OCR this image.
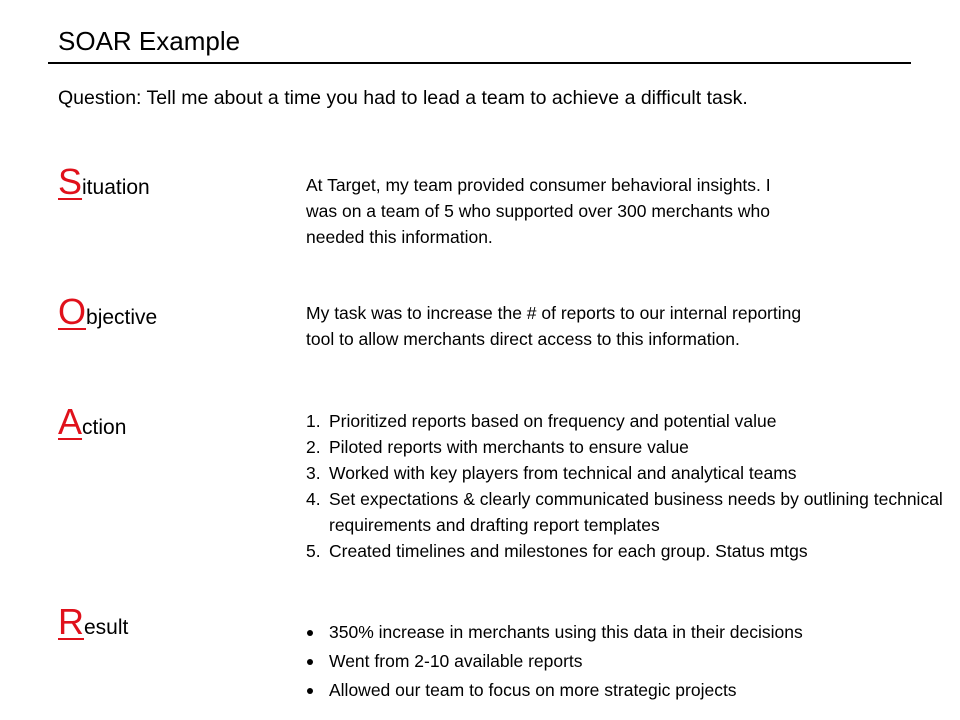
SOAR Example
Question: Tell me about a time you had to lead a team to achieve a difficult task.
Situation	At Target, my team provided consumer behavioral insights. I
was on a team of 5 who supported over 300 merchants who
needed this information.
Objective	My task was to increase the # of reports to our internal reporting
tool to allow merchants direct access to this information.
Action	1. Prioritized reports based on frequency and potential value
2. Piloted reports with merchants to ensure value
3. Worked with key players from technical and analytical teams
4. Set expectations & clearly communicated business needs by outlining technical requirements and drafting report templates
5. Created timelines and milestones for each group. Status mtgs
Result	350% increase in merchants using this data in their decisions
Went from 2-10 available reports
Allowed our team to focus on more strategic projects
